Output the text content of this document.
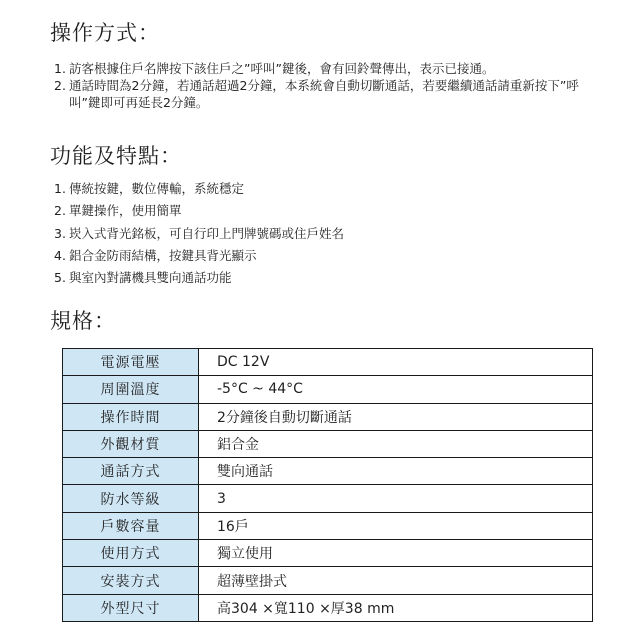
操作方式：
1. 訪客根據住戶名牌按下該住戶之”呼叫”鍵後，會有回鈴聲傳出，表示已接通。
2. 通話時間為2分鐘，若通話超過2分鐘，本系統會自動切斷通話，若要繼續通話請重新按下”呼叫”鍵即可再延長2分鐘。
功能及特點：
1. 傳統按鍵，數位傳輸，系統穩定
2. 單鍵操作，使用簡單
3. 崁入式背光銘板，可自行印上門牌號碼或住戶姓名
4. 鋁合金防雨結構，按鍵具背光顯示
5. 與室內對講機具雙向通話功能
規格：
電源電壓	DC 12V
周圍溫度	-5°C ~ 44°C
操作時間	2分鐘後自動切斷通話
外觀材質	鋁合金
通話方式	雙向通話
防水等級	3
戶數容量	16戶
使用方式	獨立使用
安裝方式	超薄壁掛式
外型尺寸	高304 ×寬110 ×厚38 mm
